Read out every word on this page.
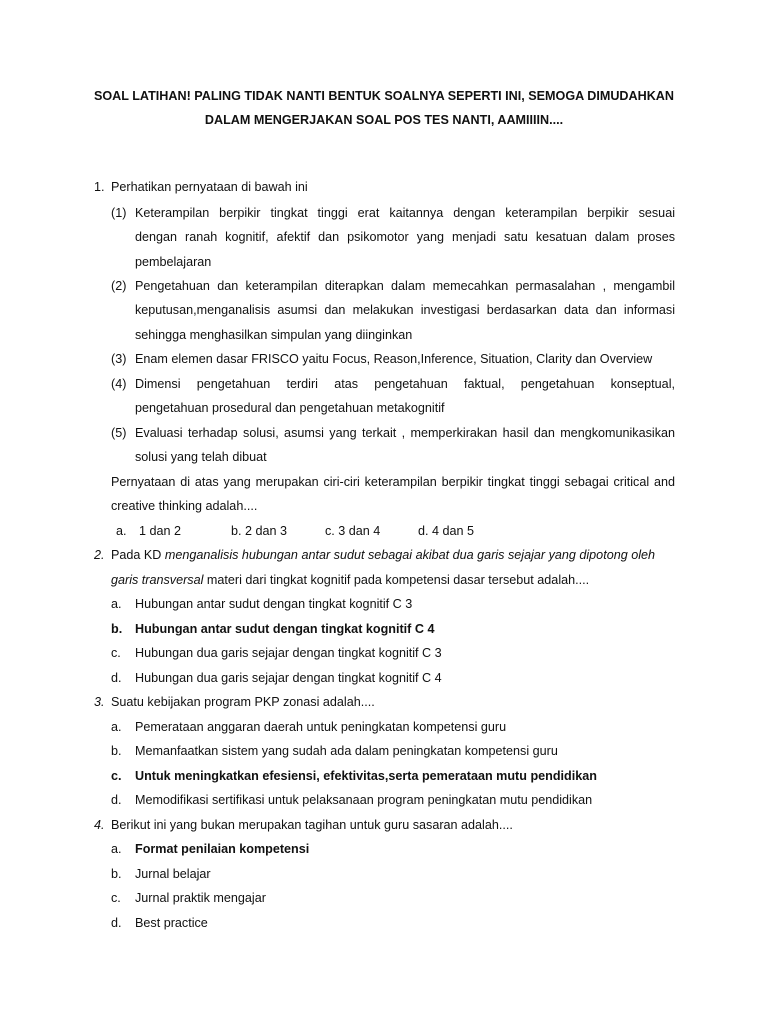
SOAL LATIHAN! PALING TIDAK NANTI BENTUK SOALNYA SEPERTI INI, SEMOGA DIMUDAHKAN
DALAM MENGERJAKAN SOAL POS TES NANTI, AAMIIIIN....
1. Perhatikan pernyataan di bawah ini
(1) Keterampilan berpikir tingkat tinggi erat kaitannya dengan keterampilan berpikir sesuai
dengan ranah kognitif, afektif dan psikomotor yang menjadi satu kesatuan dalam proses
pembelajaran
(2) Pengetahuan dan keterampilan diterapkan dalam memecahkan permasalahan , mengambil
keputusan,menganalisis asumsi dan melakukan investigasi berdasarkan data dan informasi
sehingga menghasilkan simpulan yang diinginkan
(3) Enam elemen dasar FRISCO yaitu Focus, Reason,Inference, Situation, Clarity dan Overview
(4) Dimensi pengetahuan terdiri atas pengetahuan faktual, pengetahuan konseptual,
pengetahuan prosedural dan pengetahuan metakognitif
(5) Evaluasi terhadap solusi, asumsi yang terkait , memperkirakan hasil dan mengkomunikasikan
solusi yang telah dibuat
Pernyataan di atas yang merupakan ciri-ciri keterampilan berpikir tingkat tinggi sebagai critical and
creative thinking adalah....
a. 1 dan 2	b. 2 dan 3	c. 3 dan 4	d. 4 dan 5
2. Pada KD menganalisis hubungan antar sudut sebagai akibat dua garis sejajar yang dipotong oleh
garis transversal materi dari tingkat kognitif pada kompetensi dasar tersebut adalah....
a. Hubungan antar sudut dengan tingkat kognitif C 3
b. Hubungan antar sudut dengan tingkat kognitif C 4
c. Hubungan dua garis sejajar dengan tingkat kognitif C 3
d. Hubungan dua garis sejajar dengan tingkat kognitif C 4
3. Suatu kebijakan program PKP zonasi adalah....
a. Pemerataan anggaran daerah untuk peningkatan kompetensi guru
b. Memanfaatkan sistem yang sudah ada dalam peningkatan kompetensi guru
c. Untuk meningkatkan efesiensi, efektivitas,serta pemerataan mutu pendidikan
d. Memodifikasi sertifikasi untuk pelaksanaan program peningkatan mutu pendidikan
4. Berikut ini yang bukan merupakan tagihan untuk guru sasaran adalah....
a. Format penilaian kompetensi
b. Jurnal belajar
c. Jurnal praktik mengajar
d. Best practice
